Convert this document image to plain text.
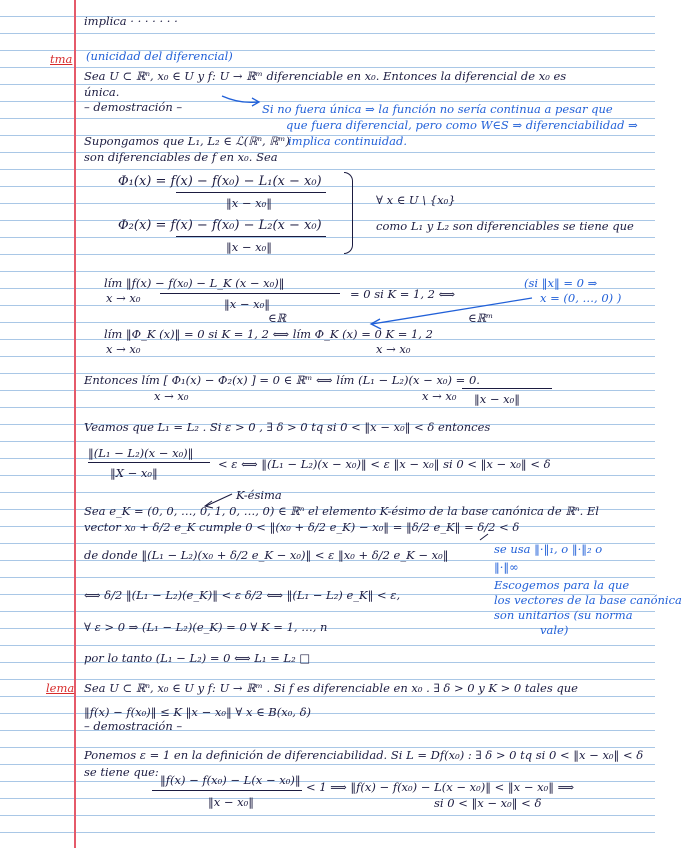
implica · · · · · · ·
tma (unicidad del diferencial)
Sea U ⊂ ℝⁿ, x₀ ∈ U y f: U → ℝᵐ diferenciable en x₀. Entonces la diferencial de x₀ es
única.
– demostración –	Si no fuera única ⇒ la función no sería continua a pesar que
que fuera diferencial, pero como W∈S ⇒ diferenciabilidad ⇒
Supongamos que L₁, L₂ ∈ ℒ(ℝⁿ, ℝᵐ)
implica continuidad.
son diferenciables de f en x₀. Sea
Φ₁(x) = f(x) − f(x₀) − L₁(x − x₀)
‖x − x₀‖	∀ x ∈ U \ {x₀}
Φ₂(x) = f(x) − f(x₀) − L₂(x − x₀)	como L₁ y L₂ son diferenciables se tiene que
‖x − x₀‖
lím ‖f(x) − f(x₀) − L_K (x − x₀)‖
x → x₀	‖x − x₀‖
= 0 si K = 1, 2 ⟺
(si ‖x‖ = 0 ⇒
x = (0, …, 0) )
∈ℝ	∈ℝᵐ
lím ‖Φ_K (x)‖ = 0 si K = 1, 2 ⟺ lím Φ_K (x) = 0 K = 1, 2
x → x₀	x → x₀
Entonces lím [ Φ₁(x) − Φ₂(x) ] = 0 ∈ ℝᵐ ⟺ lím (L₁ − L₂)(x − x₀) = 0.
x → x₀	x → x₀ ‖x − x₀‖
Veamos que L₁ = L₂ . Si ε > 0 , ∃ δ > 0 tq si 0 < ‖x − x₀‖ < δ entonces
‖(L₁ − L₂)(x − x₀)‖
< ε ⟺ ‖(L₁ − L₂)(x − x₀)‖ < ε ‖x − x₀‖ si 0 < ‖x − x₀‖ < δ
‖X − x₀‖
K-ésima
Sea e_K = (0, 0, …, 0, 1, 0, …, 0) ∈ ℝⁿ el elemento K-ésimo de la base canónica de ℝⁿ. El
vector x₀ + δ/2 e_K cumple 0 < ‖(x₀ + δ/2 e_K) − x₀‖ = ‖δ/2 e_K‖ = δ/2 < δ
se usa ‖·‖₁, o ‖·‖₂ o
de donde ‖(L₁ − L₂)(x₀ + δ/2 e_K − x₀)‖ < ε ‖x₀ + δ/2 e_K − x₀‖
‖·‖∞
⟺ δ/2 ‖(L₁ − L₂)(e_K)‖ < ε δ/2 ⟺ ‖(L₁ − L₂) e_K‖ < ε,
Escogemos para la que
los vectores de la base canónica
son unitarios (su norma
vale)
∀ ε > 0 ⇒ (L₁ − L₂)(e_K) = 0 ∀ K = 1, …, n
por lo tanto (L₁ − L₂) = 0 ⟺ L₁ = L₂ □
lema Sea U ⊂ ℝⁿ, x₀ ∈ U y f: U → ℝᵐ . Si f es diferenciable en x₀ . ∃ δ > 0 y K > 0 tales que
‖f(x) − f(x₀)‖ ≤ K ‖x − x₀‖ ∀ x ∈ B(x₀, δ)
– demostración –
Ponemos ε = 1 en la definición de diferenciabilidad. Si L = Df(x₀) : ∃ δ > 0 tq si 0 < ‖x − x₀‖ < δ
se tiene que:
‖f(x) − f(x₀) − L(x − x₀)‖ < 1 ⟹ ‖f(x) − f(x₀) − L(x − x₀)‖ < ‖x − x₀‖ ⟹
si 0 < ‖x − x₀‖ < δ
‖x − x₀‖
